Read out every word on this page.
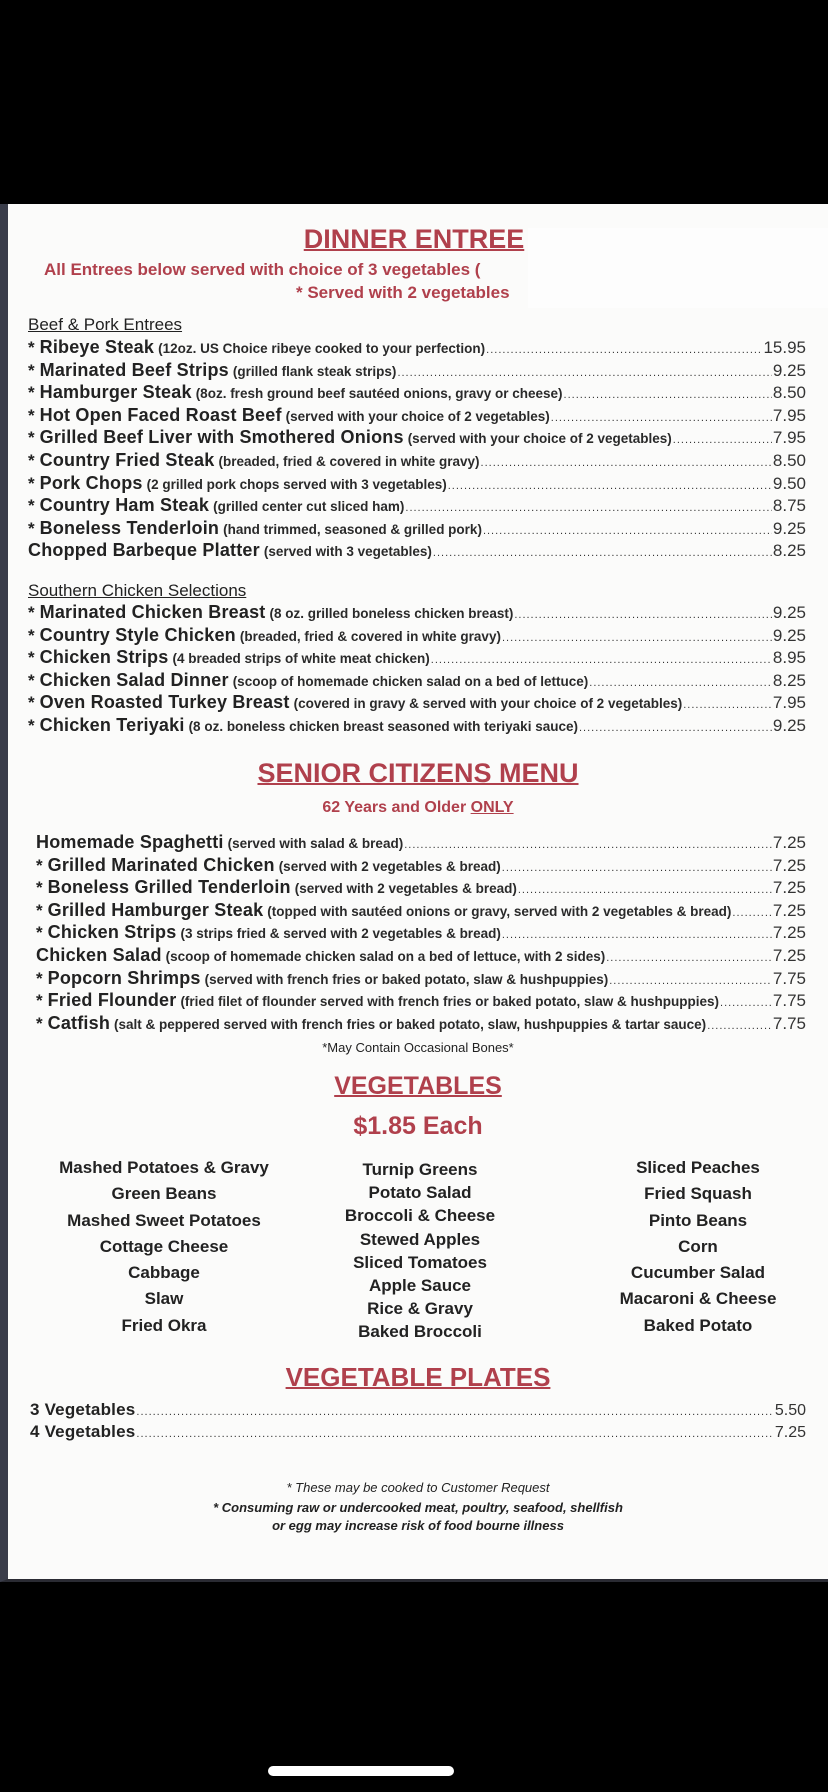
DINNER ENTREE
All Entrees below served with choice of 3 vegetables (
* Served with 2 vegetables
Beef & Pork Entrees
* Ribeye Steak (12oz. US Choice ribeye cooked to your perfection) .....	15.95
* Marinated Beef Strips (grilled flank steak strips) .....	9.25
* Hamburger Steak (8oz. fresh ground beef sautéed onions, gravy or cheese) .....	8.50
* Hot Open Faced Roast Beef (served with your choice of 2 vegetables) .....	7.95
* Grilled Beef Liver with Smothered Onions (served with your choice of 2 vegetables) .....	7.95
* Country Fried Steak (breaded, fried & covered in white gravy) .....	8.50
* Pork Chops (2 grilled pork chops served with 3 vegetables) .....	9.50
* Country Ham Steak (grilled center cut sliced ham) .....	8.75
* Boneless Tenderloin (hand trimmed, seasoned & grilled pork) .....	9.25
Chopped Barbeque Platter (served with 3 vegetables) .....	8.25
Southern Chicken Selections
* Marinated Chicken Breast (8 oz. grilled boneless chicken breast) .....	9.25
* Country Style Chicken (breaded, fried & covered in white gravy) .....	9.25
* Chicken Strips (4 breaded strips of white meat chicken) .....	8.95
* Chicken Salad Dinner (scoop of homemade chicken salad on a bed of lettuce) .....	8.25
* Oven Roasted Turkey Breast (covered in gravy & served with your choice of 2 vegetables) .....	7.95
* Chicken Teriyaki (8 oz. boneless chicken breast seasoned with teriyaki sauce) .....	9.25
SENIOR CITIZENS MENU
62 Years and Older ONLY
Homemade Spaghetti (served with salad & bread) .....	7.25
* Grilled Marinated Chicken (served with 2 vegetables & bread) .....	7.25
* Boneless Grilled Tenderloin (served with 2 vegetables & bread) .....	7.25
* Grilled Hamburger Steak (topped with sautéed onions or gravy, served with 2 vegetables & bread) ..... 7.25
* Chicken Strips (3 strips fried & served with 2 vegetables & bread) .....	7.25
Chicken Salad (scoop of homemade chicken salad on a bed of lettuce, with 2 sides) .....	7.25
* Popcorn Shrimps (served with french fries or baked potato, slaw & hushpuppies) .....	7.75
* Fried Flounder (fried filet of flounder served with french fries or baked potato, slaw & hushpuppies) .....	7.75
* Catfish (salt & peppered served with french fries or baked potato, slaw, hushpuppies & tartar sauce) .....	7.75
*May Contain Occasional Bones*
VEGETABLES
$1.85 Each
Mashed Potatoes & Gravy
Green Beans
Mashed Sweet Potatoes
Cottage Cheese
Cabbage
Slaw
Fried Okra
Turnip Greens
Potato Salad
Broccoli & Cheese
Stewed Apples
Sliced Tomatoes
Apple Sauce
Rice & Gravy
Baked Broccoli
Sliced Peaches
Fried Squash
Pinto Beans
Corn
Cucumber Salad
Macaroni & Cheese
Baked Potato
VEGETABLE PLATES
3 Vegetables .....	5.50
4 Vegetables .....	7.25
* These may be cooked to Customer Request
* Consuming raw or undercooked meat, poultry, seafood, shellfish
or egg may increase risk of food bourne illness
